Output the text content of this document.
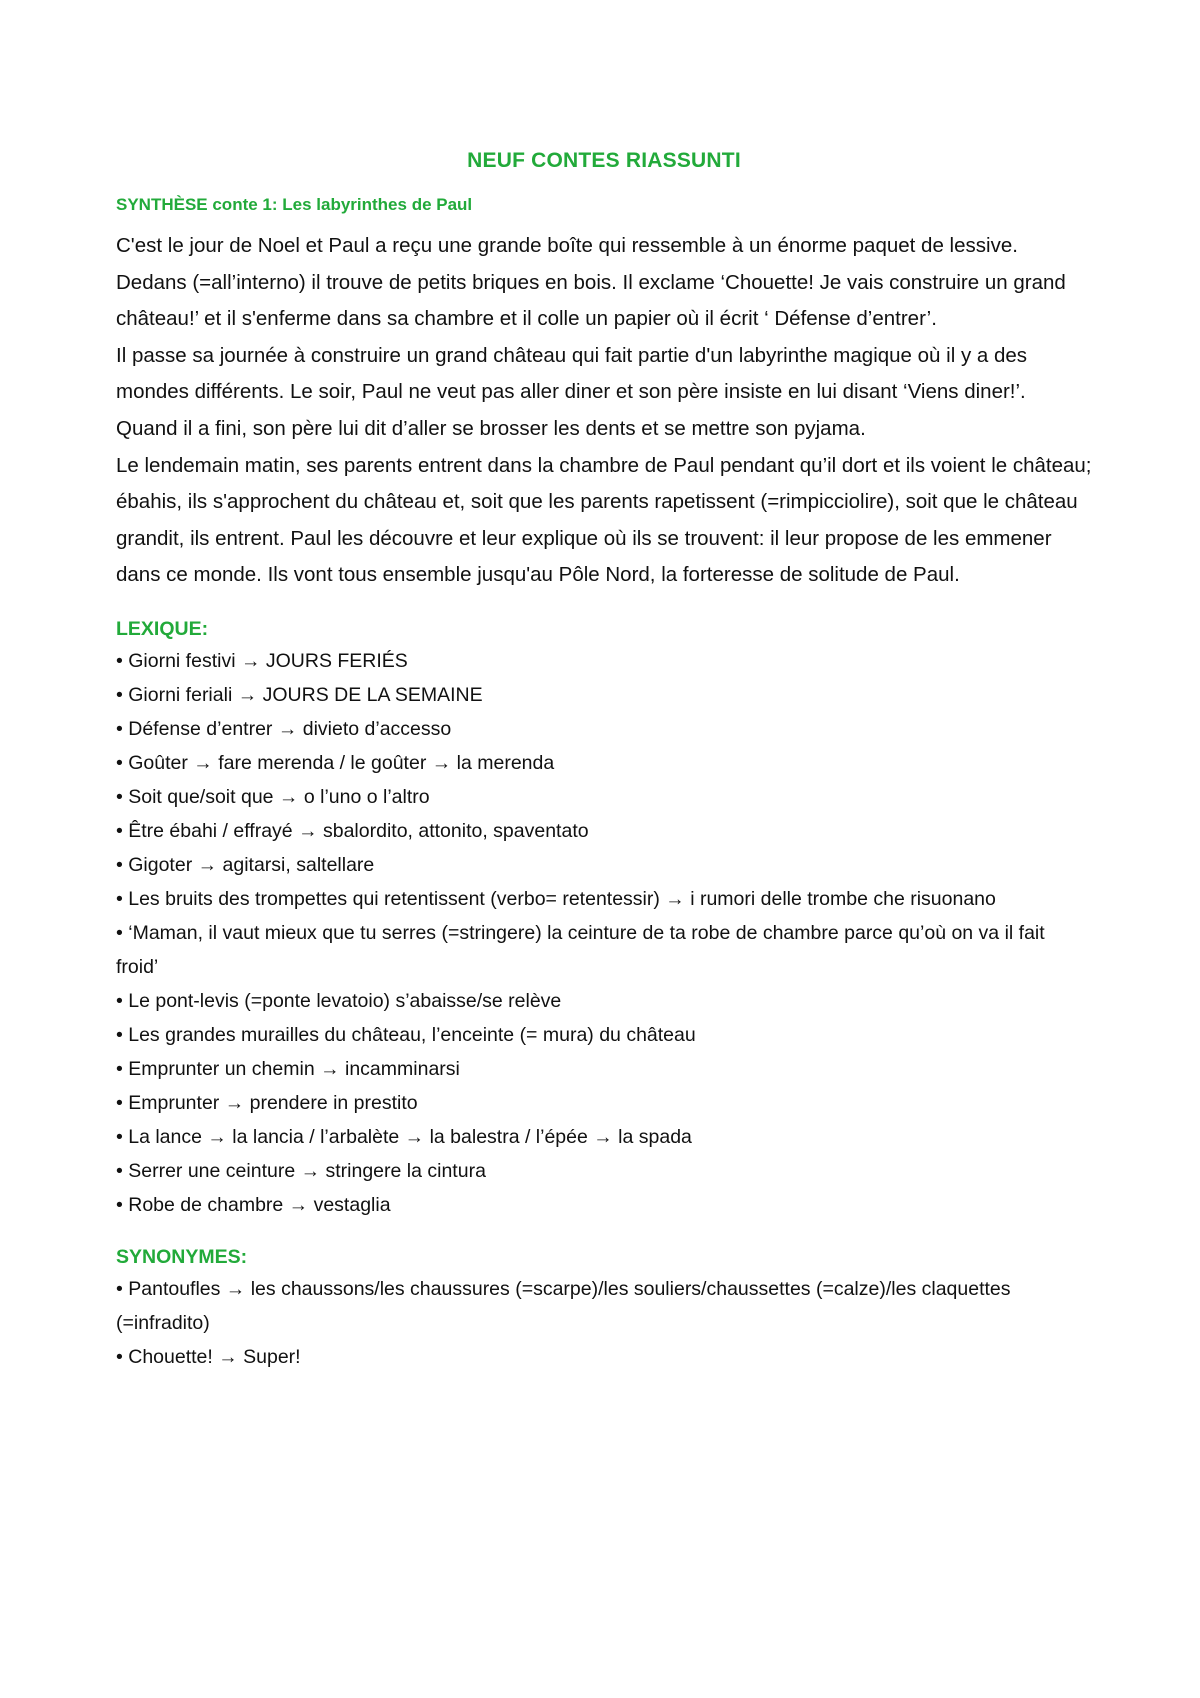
NEUF CONTES RIASSUNTI
SYNTHÈSE conte 1: Les labyrinthes de Paul

C'est le jour de Noel et Paul a reçu une grande boîte qui ressemble à un énorme paquet de lessive.

Dedans (=all’interno) il trouve de petits briques en bois. Il exclame ‘Chouette! Je vais construire un grand château!’ et il s'enferme dans sa chambre et il colle un papier où il écrit ‘ Défense d’entrer’.

Il passe sa journée à construire un grand château qui fait partie d'un labyrinthe magique où il y a des mondes différents. Le soir, Paul ne veut pas aller diner et son père insiste en lui disant ‘Viens diner!’. Quand il a fini, son père lui dit d’aller se brosser les dents et se mettre son pyjama.

Le lendemain matin, ses parents entrent dans la chambre de Paul pendant qu’il dort et ils voient le château; ébahis, ils s'approchent du château et, soit que les parents rapetissent (=rimpicciolire), soit que le château grandit, ils entrent. Paul les découvre et leur explique où ils se trouvent: il leur propose de les emmener dans ce monde. Ils vont tous ensemble jusqu'au Pôle Nord, la forteresse de solitude de Paul.

LEXIQUE:
• Giorni festivi → JOURS FERIÉS
• Giorni feriali → JOURS DE LA SEMAINE
• Défense d’entrer → divieto d’accesso
• Goûter → fare merenda / le goûter → la merenda
• Soit que/soit que → o l’uno o l’altro
• Être ébahi / effrayé → sbalordito, attonito, spaventato
• Gigoter → agitarsi, saltellare
• Les bruits des trompettes qui retentissent (verbo= retentessir) → i rumori delle trombe che risuonano
• ‘Maman, il vaut mieux que tu serres (=stringere) la ceinture de ta robe de chambre parce qu’où on va il fait froid’
• Le pont-levis (=ponte levatoio) s’abaisse/se relève
• Les grandes murailles du château, l’enceinte (= mura) du château
• Emprunter un chemin → incamminarsi
• Emprunter → prendere in prestito
• La lance → la lancia / l’arbalète → la balestra / l’épée → la spada
• Serrer une ceinture → stringere la cintura
• Robe de chambre → vestaglia
SYNONYMES:
• Pantoufles → les chaussons/les chaussures (=scarpe)/les souliers/chaussettes (=calze)/les claquettes (=infradito)
• Chouette! → Super!
